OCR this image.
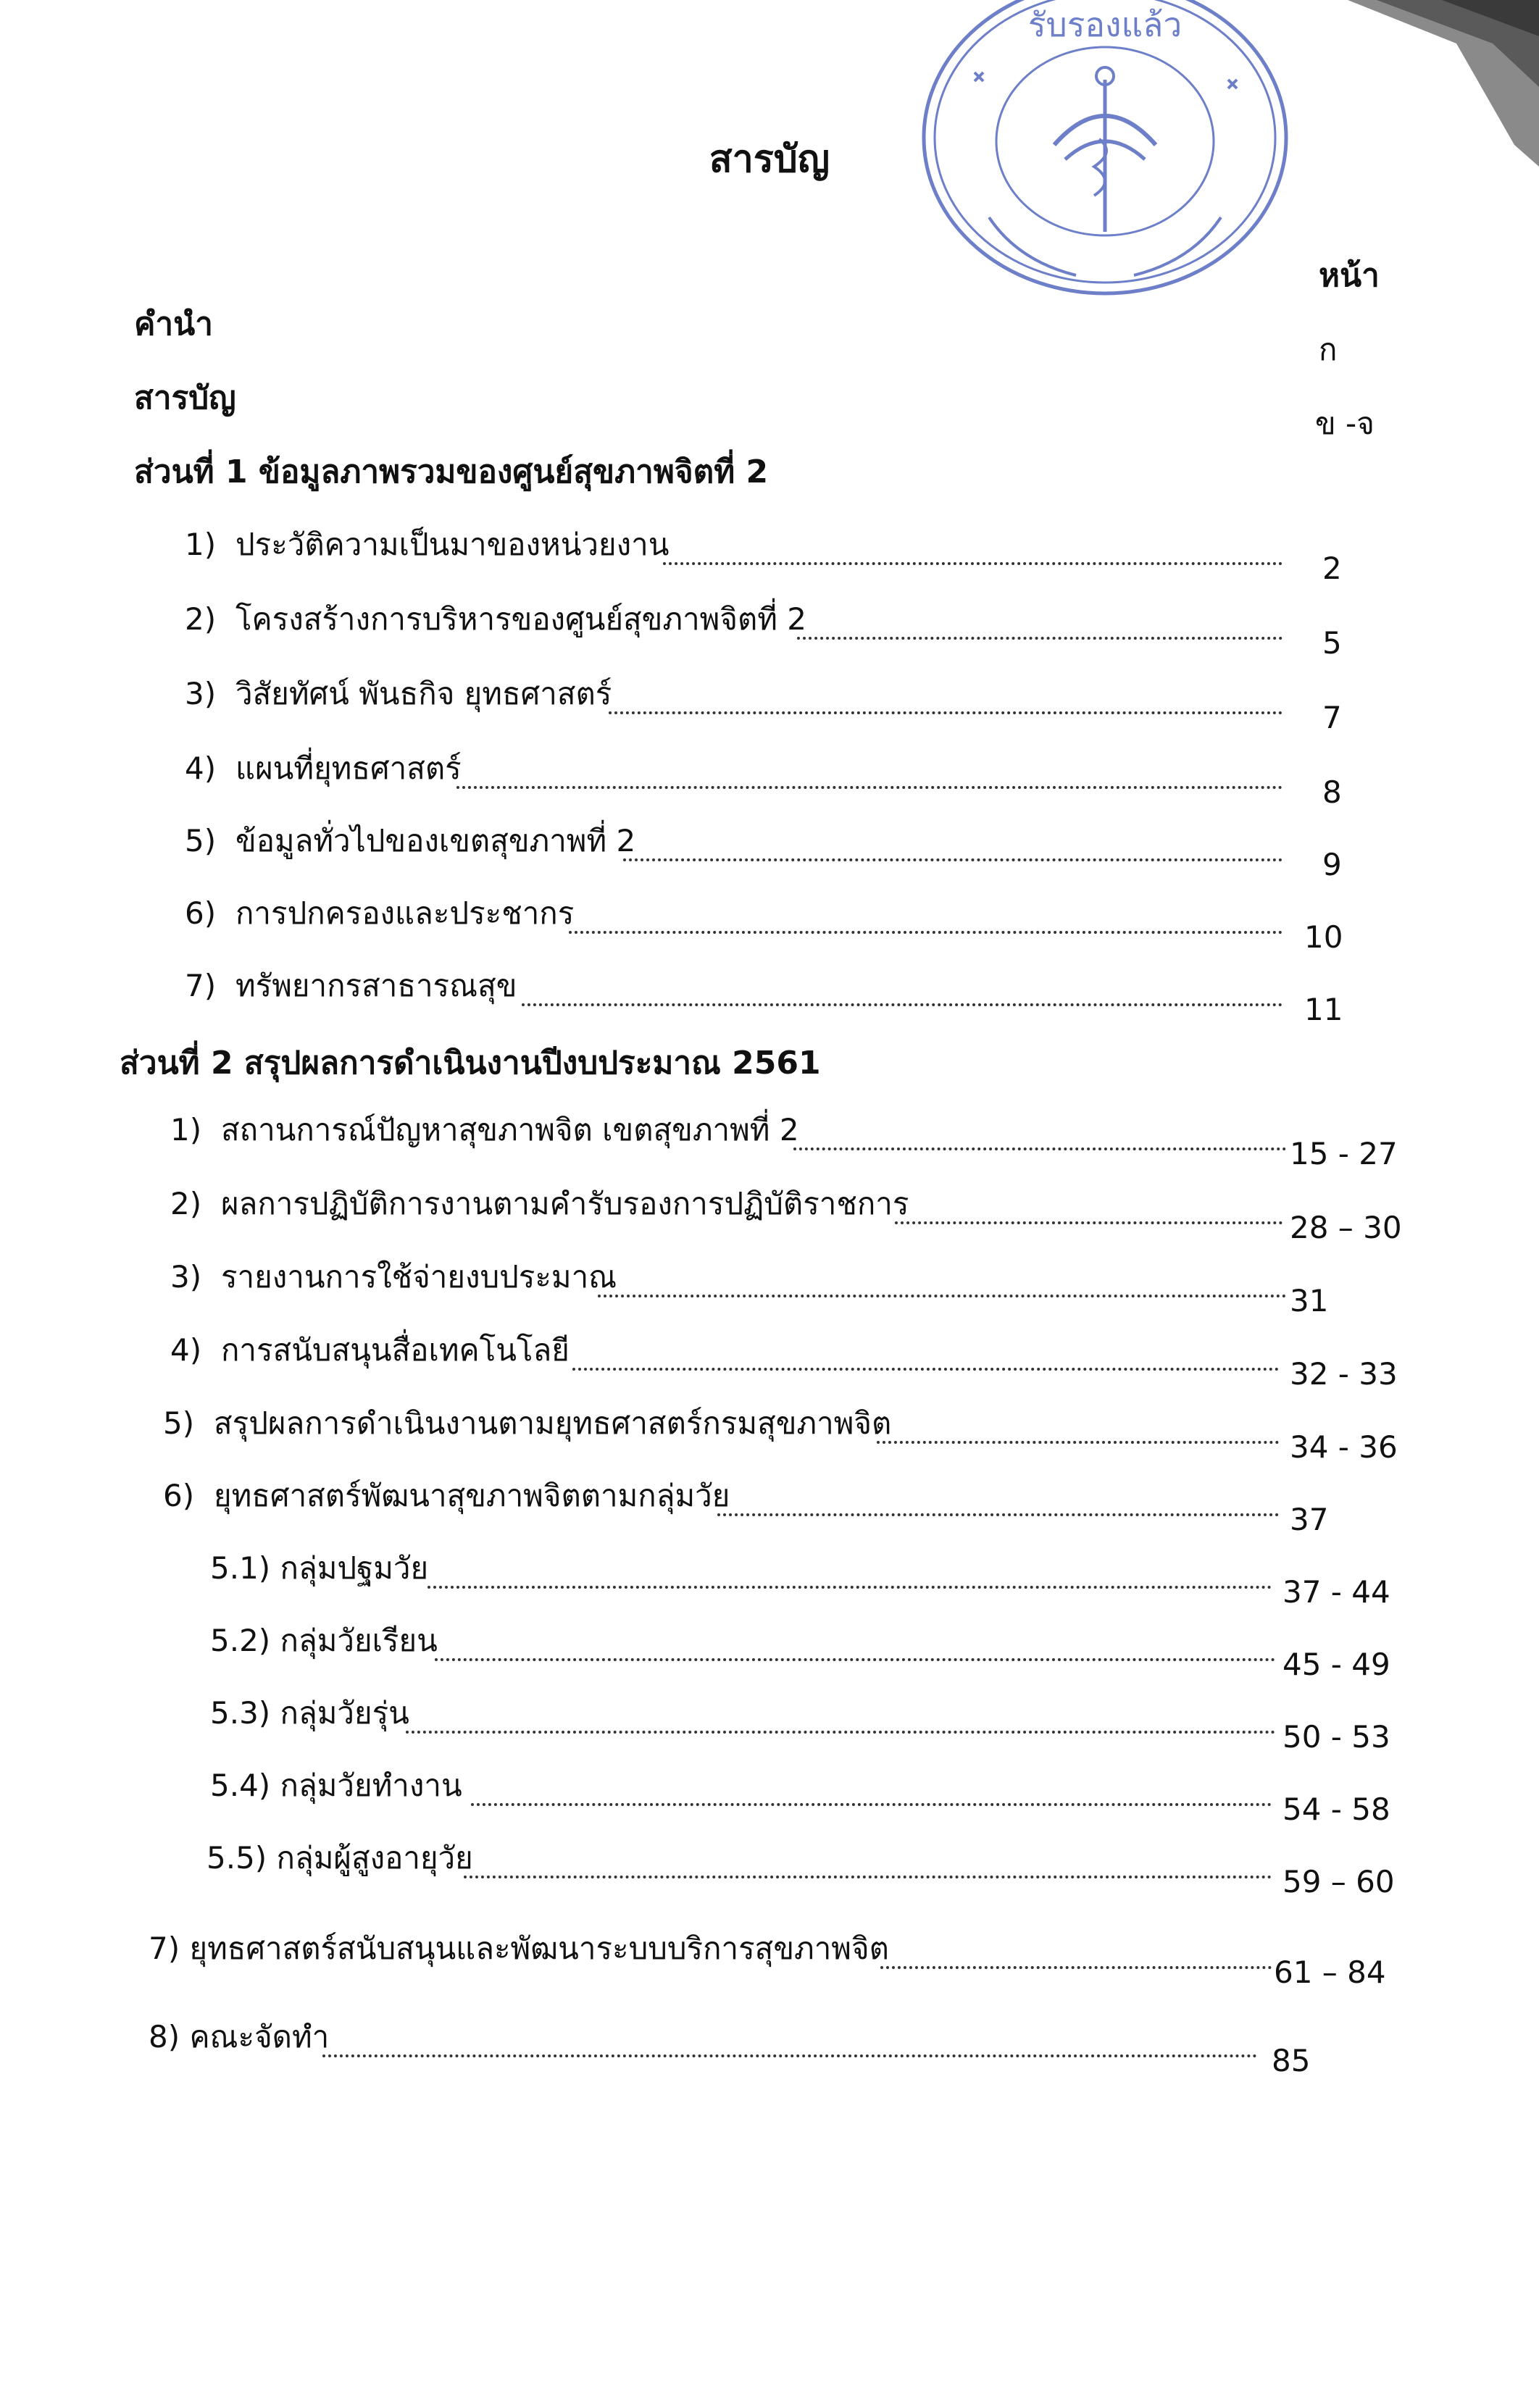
รับรองแล้ว
สารบัญ
หน้า
คำนำ
ก
สารบัญ
ข -จ
ส่วนที่ 1 ข้อมูลภาพรวมของศูนย์สุขภาพจิตที่ 2
1) ประวัติความเป็นมาของหน่วยงาน
2
2) โครงสร้างการบริหารของศูนย์สุขภาพจิตที่ 2
5
3) วิสัยทัศน์ พันธกิจ ยุทธศาสตร์
7
4) แผนที่ยุทธศาสตร์
8
5) ข้อมูลทั่วไปของเขตสุขภาพที่ 2
9
6) การปกครองและประชากร
10
7) ทรัพยากรสาธารณสุข
11
ส่วนที่ 2 สรุปผลการดำเนินงานปีงบประมาณ 2561
1) สถานการณ์ปัญหาสุขภาพจิต เขตสุขภาพที่ 2
15 - 27
2) ผลการปฏิบัติการงานตามคำรับรองการปฏิบัติราชการ
28 – 30
3) รายงานการใช้จ่ายงบประมาณ
31
4) การสนับสนุนสื่อเทคโนโลยี
32 - 33
5) สรุปผลการดำเนินงานตามยุทธศาสตร์กรมสุขภาพจิต
34 - 36
6) ยุทธศาสตร์พัฒนาสุขภาพจิตตามกลุ่มวัย
37
5.1) กลุ่มปฐมวัย
37 - 44
5.2) กลุ่มวัยเรียน
45 - 49
5.3) กลุ่มวัยรุ่น
50 - 53
5.4) กลุ่มวัยทำงาน
54 - 58
5.5) กลุ่มผู้สูงอายุวัย
59 – 60
7) ยุทธศาสตร์สนับสนุนและพัฒนาระบบบริการสุขภาพจิต
61 – 84
8) คณะจัดทำ
85
